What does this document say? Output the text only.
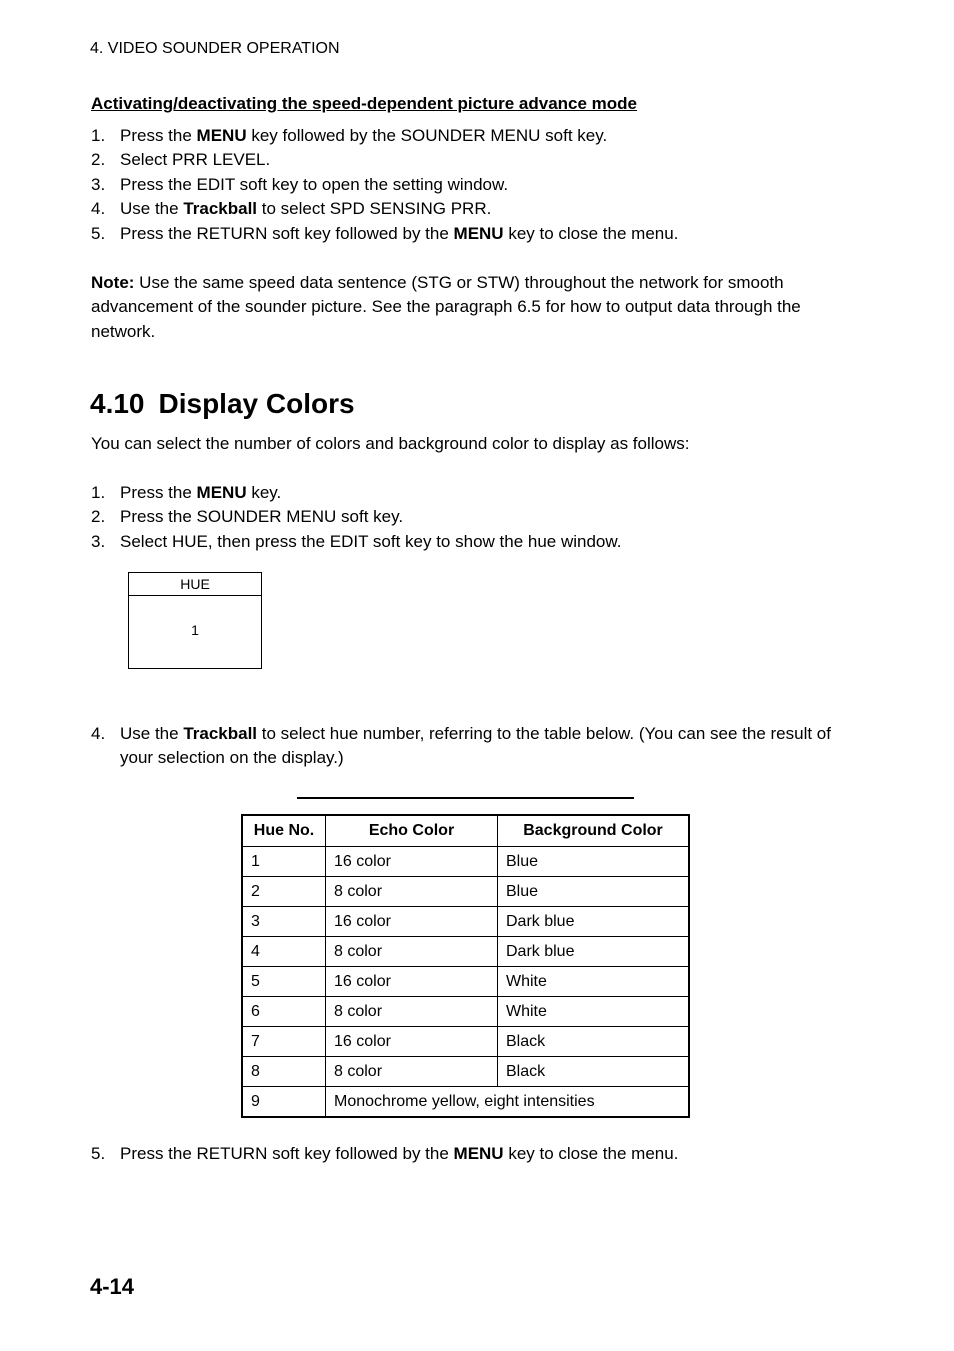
4. VIDEO SOUNDER OPERATION
Activating/deactivating the speed-dependent picture advance mode
1. Press the MENU key followed by the SOUNDER MENU soft key.
2. Select PRR LEVEL.
3. Press the EDIT soft key to open the setting window.
4. Use the Trackball to select SPD SENSING PRR.
5. Press the RETURN soft key followed by the MENU key to close the menu.
Note: Use the same speed data sentence (STG or STW) throughout the network for smooth advancement of the sounder picture. See the paragraph 6.5 for how to output data through the network.
4.10 Display Colors
You can select the number of colors and background color to display as follows:
1. Press the MENU key.
2. Press the SOUNDER MENU soft key.
3. Select HUE, then press the EDIT soft key to show the hue window.
HUE
1
4. Use the Trackball to select hue number, referring to the table below. (You can see the result of your selection on the display.)
Hue No.	Echo Color	Background Color
1	16 color	Blue
2	8 color	Blue
3	16 color	Dark blue
4	8 color	Dark blue
5	16 color	White
6	8 color	White
7	16 color	Black
8	8 color	Black
9	Monochrome yellow, eight intensities	
5. Press the RETURN soft key followed by the MENU key to close the menu.
4-14
